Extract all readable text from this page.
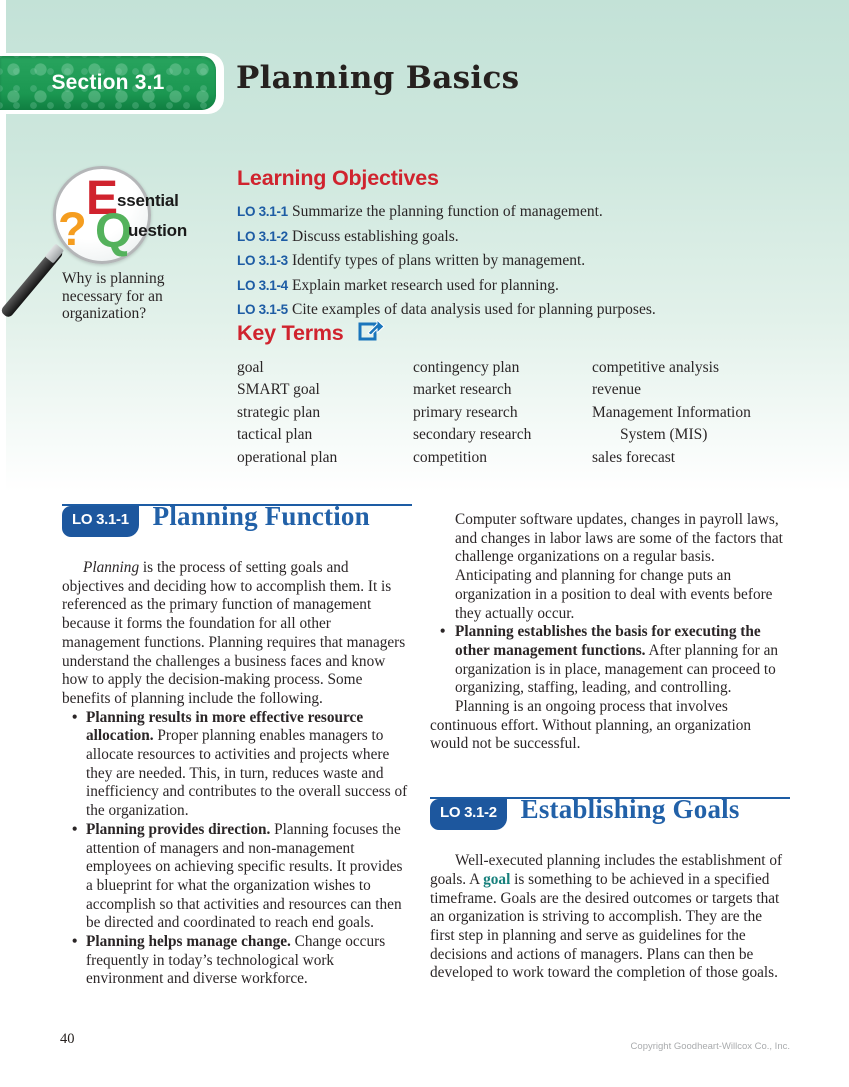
Section 3.1 Planning Basics
?
E
ssential
Q
uestion
Why is planning necessary for an organization?
Learning Objectives
LO 3.1-1 Summarize the planning function of management.
LO 3.1-2 Discuss establishing goals.
LO 3.1-3 Identify types of plans written by management.
LO 3.1-4 Explain market research used for planning.
LO 3.1-5 Cite examples of data analysis used for planning purposes.
Key Terms
goal
SMART goal
strategic plan
tactical plan
operational plan
contingency plan
market research
primary research
secondary research
competition
competitive analysis
revenue
Management Information System (MIS)
sales forecast
LO 3.1-1 Planning Function

Planning is the process of setting goals and objectives and deciding how to accomplish them. It is referenced as the primary function of management because it forms the foundation for all other management functions. Planning requires that managers understand the challenges a business faces and know how to apply the decision-making process. Some benefits of planning include the following.

• Planning results in more effective resource allocation. Proper planning enables managers to allocate resources to activities and projects where they are needed. This, in turn, reduces waste and inefficiency and contributes to the overall success of the organization.
• Planning provides direction. Planning focuses the attention of managers and non-management employees on achieving specific results. It provides a blueprint for what the organization wishes to accomplish so that activities and resources can then be directed and coordinated to reach end goals.
• Planning helps manage change. Change occurs frequently in today’s technological work environment and diverse workforce.

Computer software updates, changes in payroll laws, and changes in labor laws are some of the factors that challenge organizations on a regular basis. Anticipating and planning for change puts an organization in a position to deal with events before they actually occur.

• Planning establishes the basis for executing the other management functions. After planning for an organization is in place, management can proceed to organizing, staffing, leading, and controlling.

Planning is an ongoing process that involves continuous effort. Without planning, an organization would not be successful.

LO 3.1-2 Establishing Goals

Well-executed planning includes the establishment of goals. A goal is something to be achieved in a specified timeframe. Goals are the desired outcomes or targets that an organization is striving to accomplish. They are the first step in planning and serve as guidelines for the decisions and actions of managers. Plans can then be developed to work toward the completion of those goals.

40	Copyright Goodheart-Willcox Co., Inc.
